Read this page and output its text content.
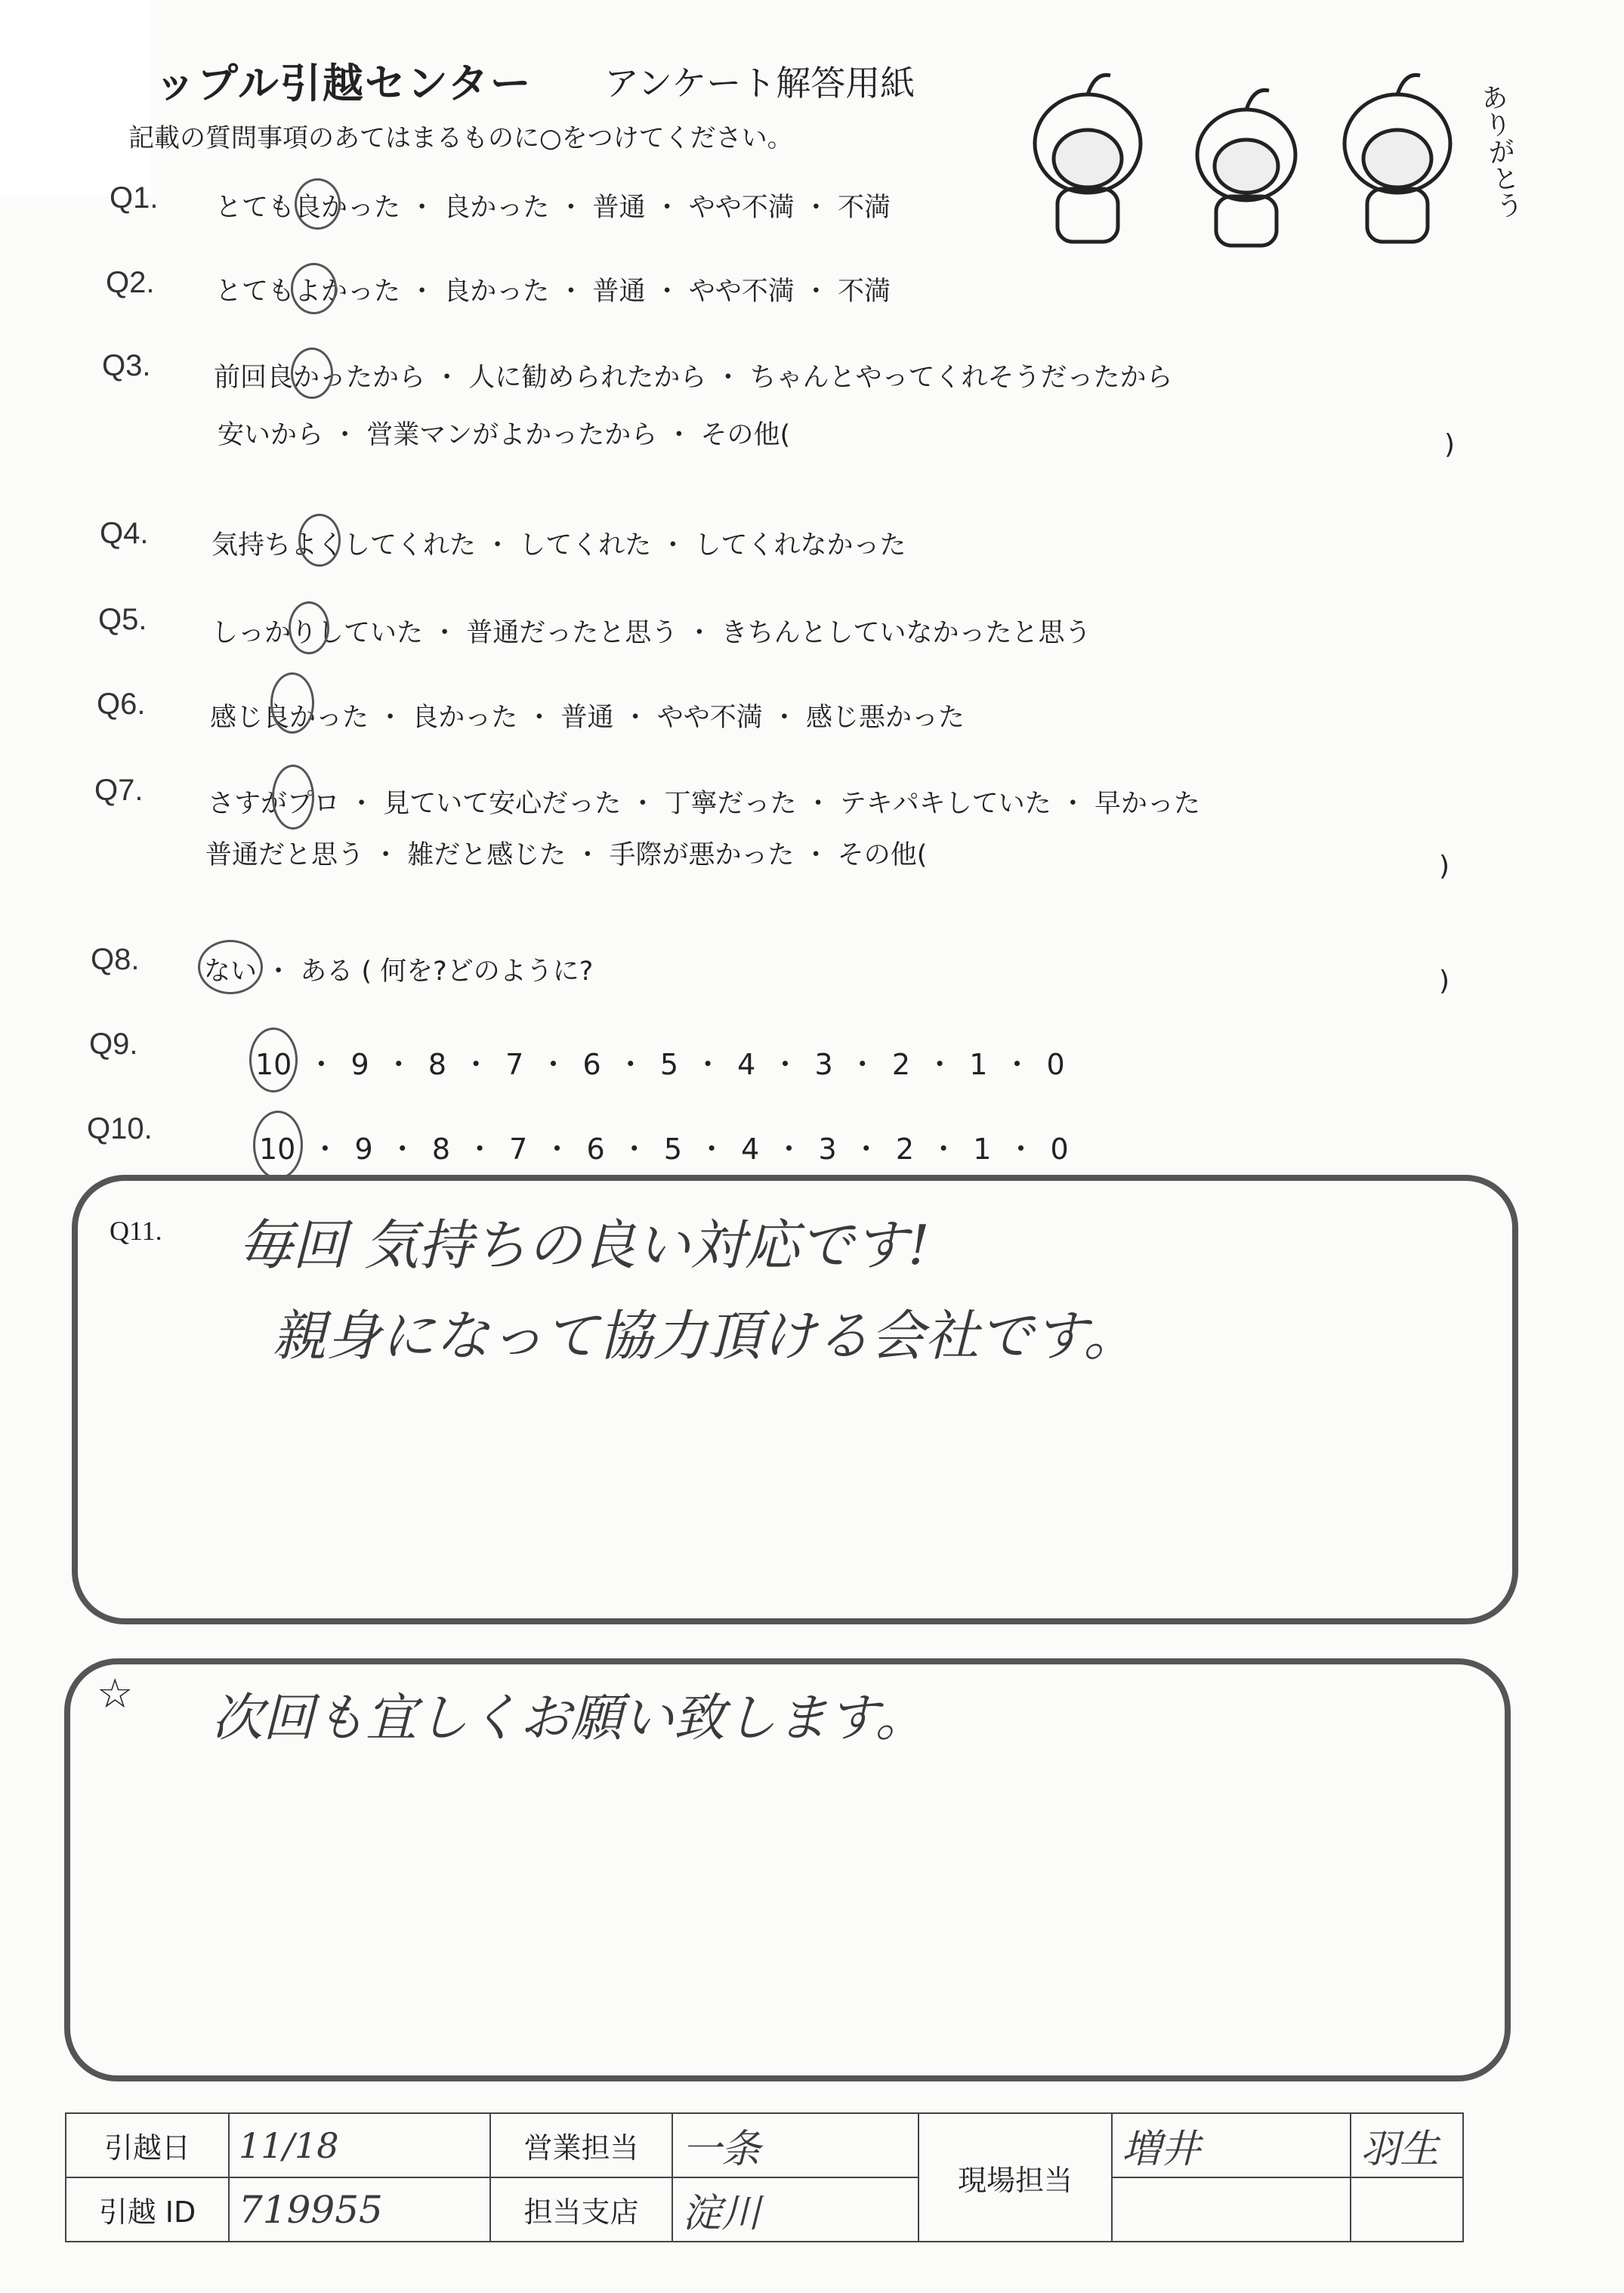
ップル引越センター アンケート解答用紙
記載の質問事項のあてはまるものに○をつけてください。	ありがとう
Q1. とても良かった ・ 良かった ・ 普通 ・ やや不満 ・ 不満
Q2. とてもよかった ・ 良かった ・ 普通 ・ やや不満 ・ 不満
Q3. 前回良かったから ・ 人に勧められたから ・ ちゃんとやってくれそうだったから
安いから ・ 営業マンがよかったから ・ その他(	)
Q4. 気持ちよくしてくれた ・ してくれた ・ してくれなかった
Q5. しっかりしていた ・ 普通だったと思う ・ きちんとしていなかったと思う
Q6. 感じ良かった ・ 良かった ・ 普通 ・ やや不満 ・ 感じ悪かった
Q7. さすがプロ ・ 見ていて安心だった ・ 丁寧だった ・ テキパキしていた ・ 早かった
普通だと思う ・ 雑だと感じた ・ 手際が悪かった ・ その他(	)
Q8. ない ・ ある ( 何を?どのように?	)
Q9.
10 ・ 9 ・ 8 ・ 7 ・ 6 ・ 5 ・ 4 ・ 3 ・ 2 ・ 1 ・ 0
Q10.
10 ・ 9 ・ 8 ・ 7 ・ 6 ・ 5 ・ 4 ・ 3 ・ 2 ・ 1 ・ 0
Q11. 毎回 気持ちの良い対応です!
親身になって協力頂ける会社です。
☆ 次回も宜しくお願い致します。
引越日	11/18	営業担当	一条	現場担当	増井	羽生
引越 ID	719955	担当支店	淀川			
